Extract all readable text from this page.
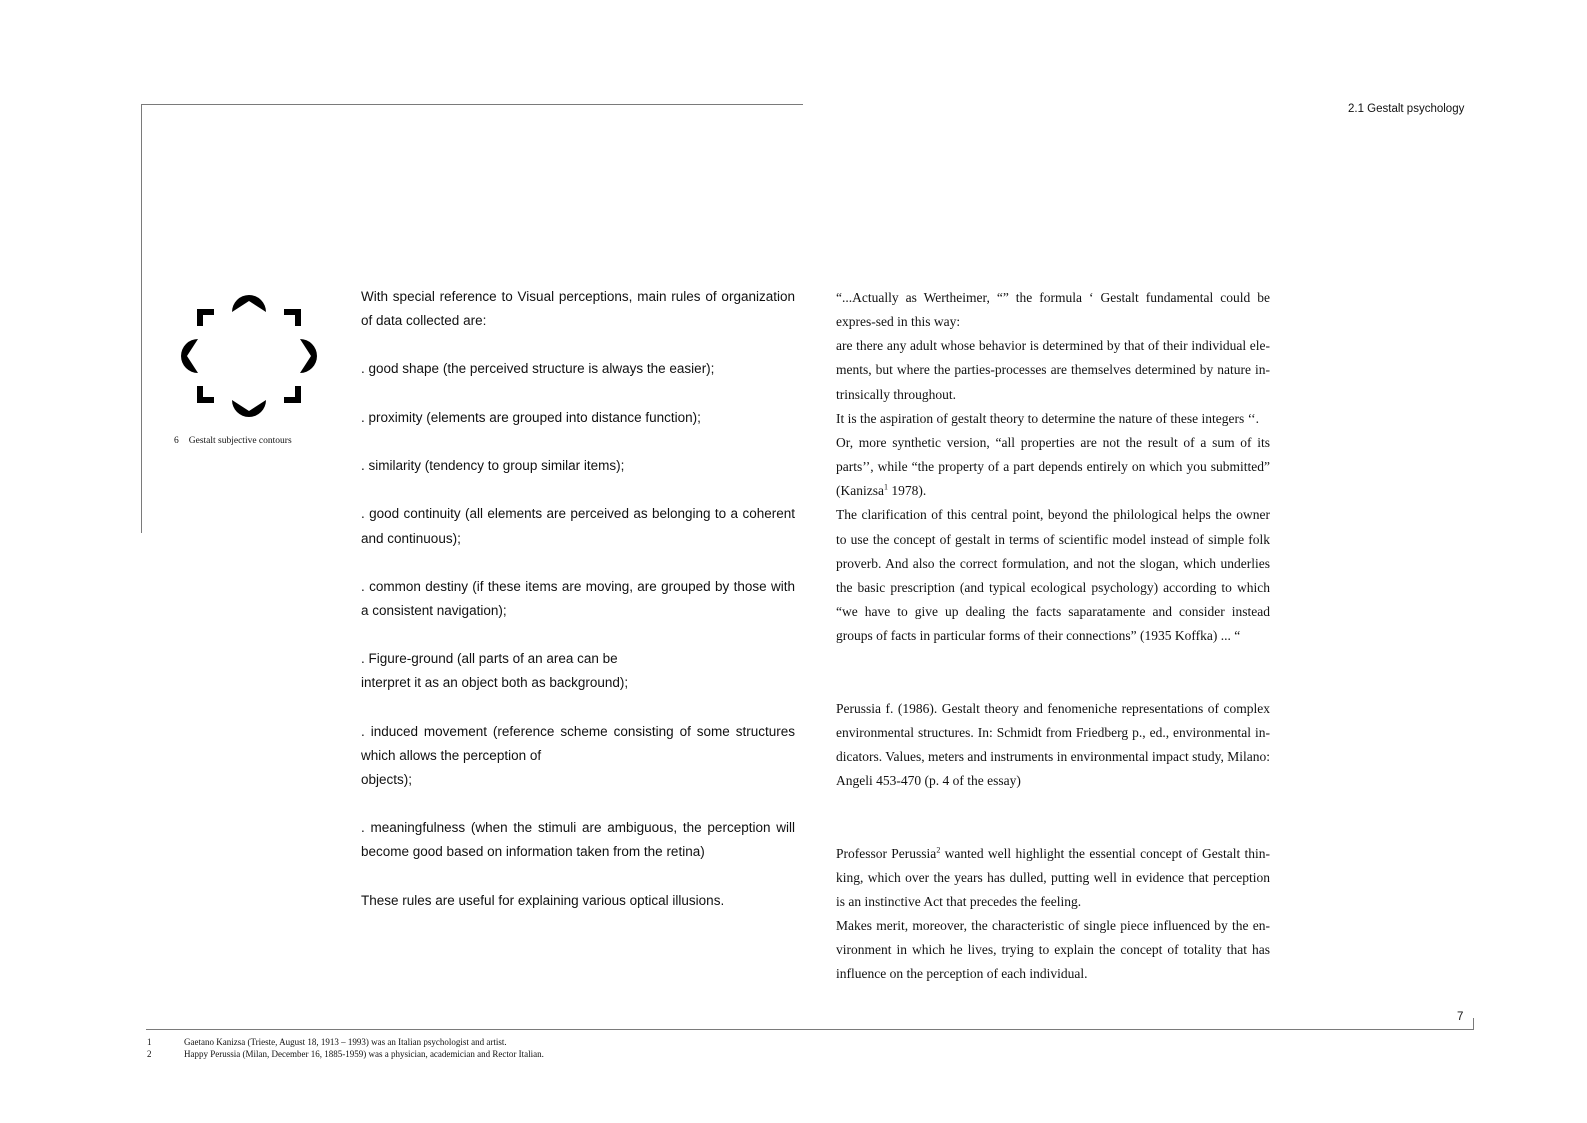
2.1 Gestalt psychology
6 Gestalt subjective contours

With special reference to Visual perceptions, main rules of organization of data collected are:

. good shape (the perceived structure is always the easier);

. proximity (elements are grouped into distance function);

. similarity (tendency to group similar items);

. good continuity (all elements are perceived as belonging to a coherent and continuous);

. common destiny (if these items are moving, are grouped by those with a consistent navigation);

. Figure-ground (all parts of an area can be
interpret it as an object both as background);

. induced movement (reference scheme consisting of some structures which allows the perception of
objects);

. meaningfulness (when the stimuli are ambiguous, the perception will become good based on information taken from the retina)

These rules are useful for explaining various optical illusions.

“...Actually as Wertheimer, “” the formula ‘ Gestalt fundamental could be expres-sed in this way:

are there any adult whose behavior is determined by that of their individual ele-ments, but where the parties-processes are themselves determined by nature in-trinsically throughout.

It is the aspiration of gestalt theory to determine the nature of these integers ‘‘.

Or, more synthetic version, “all properties are not the result of a sum of its parts’’, while “the property of a part depends entirely on which you submitted” (Kanizsa$^1$ 1978).

The clarification of this central point, beyond the philological helps the owner to use the concept of gestalt in terms of scientific model instead of simple folk proverb. And also the correct formulation, and not the slogan, which underlies the basic prescription (and typical ecological psychology) according to which “we have to give up dealing the facts saparatamente and consider instead groups of facts in particular forms of their connections” (1935 Koffka) ... “

Perussia f. (1986). Gestalt theory and fenomeniche representations of complex environmental structures. In: Schmidt from Friedberg p., ed., environmental in-dicators. Values, meters and instruments in environmental impact study, Milano: Angeli 453-470 (p. 4 of the essay)

Professor Perussia$^2$ wanted well highlight the essential concept of Gestalt thin-king, which over the years has dulled, putting well in evidence that perception is an instinctive Act that precedes the feeling.

Makes merit, moreover, the characteristic of single piece influenced by the en-vironment in which he lives, trying to explain the concept of totality that has influence on the perception of each individual.

7
1	Gaetano Kanizsa (Trieste, August 18, 1913 – 1993) was an Italian psychologist and artist.
2	Happy Perussia (Milan, December 16, 1885-1959) was a physician, academician and Rector Italian.
